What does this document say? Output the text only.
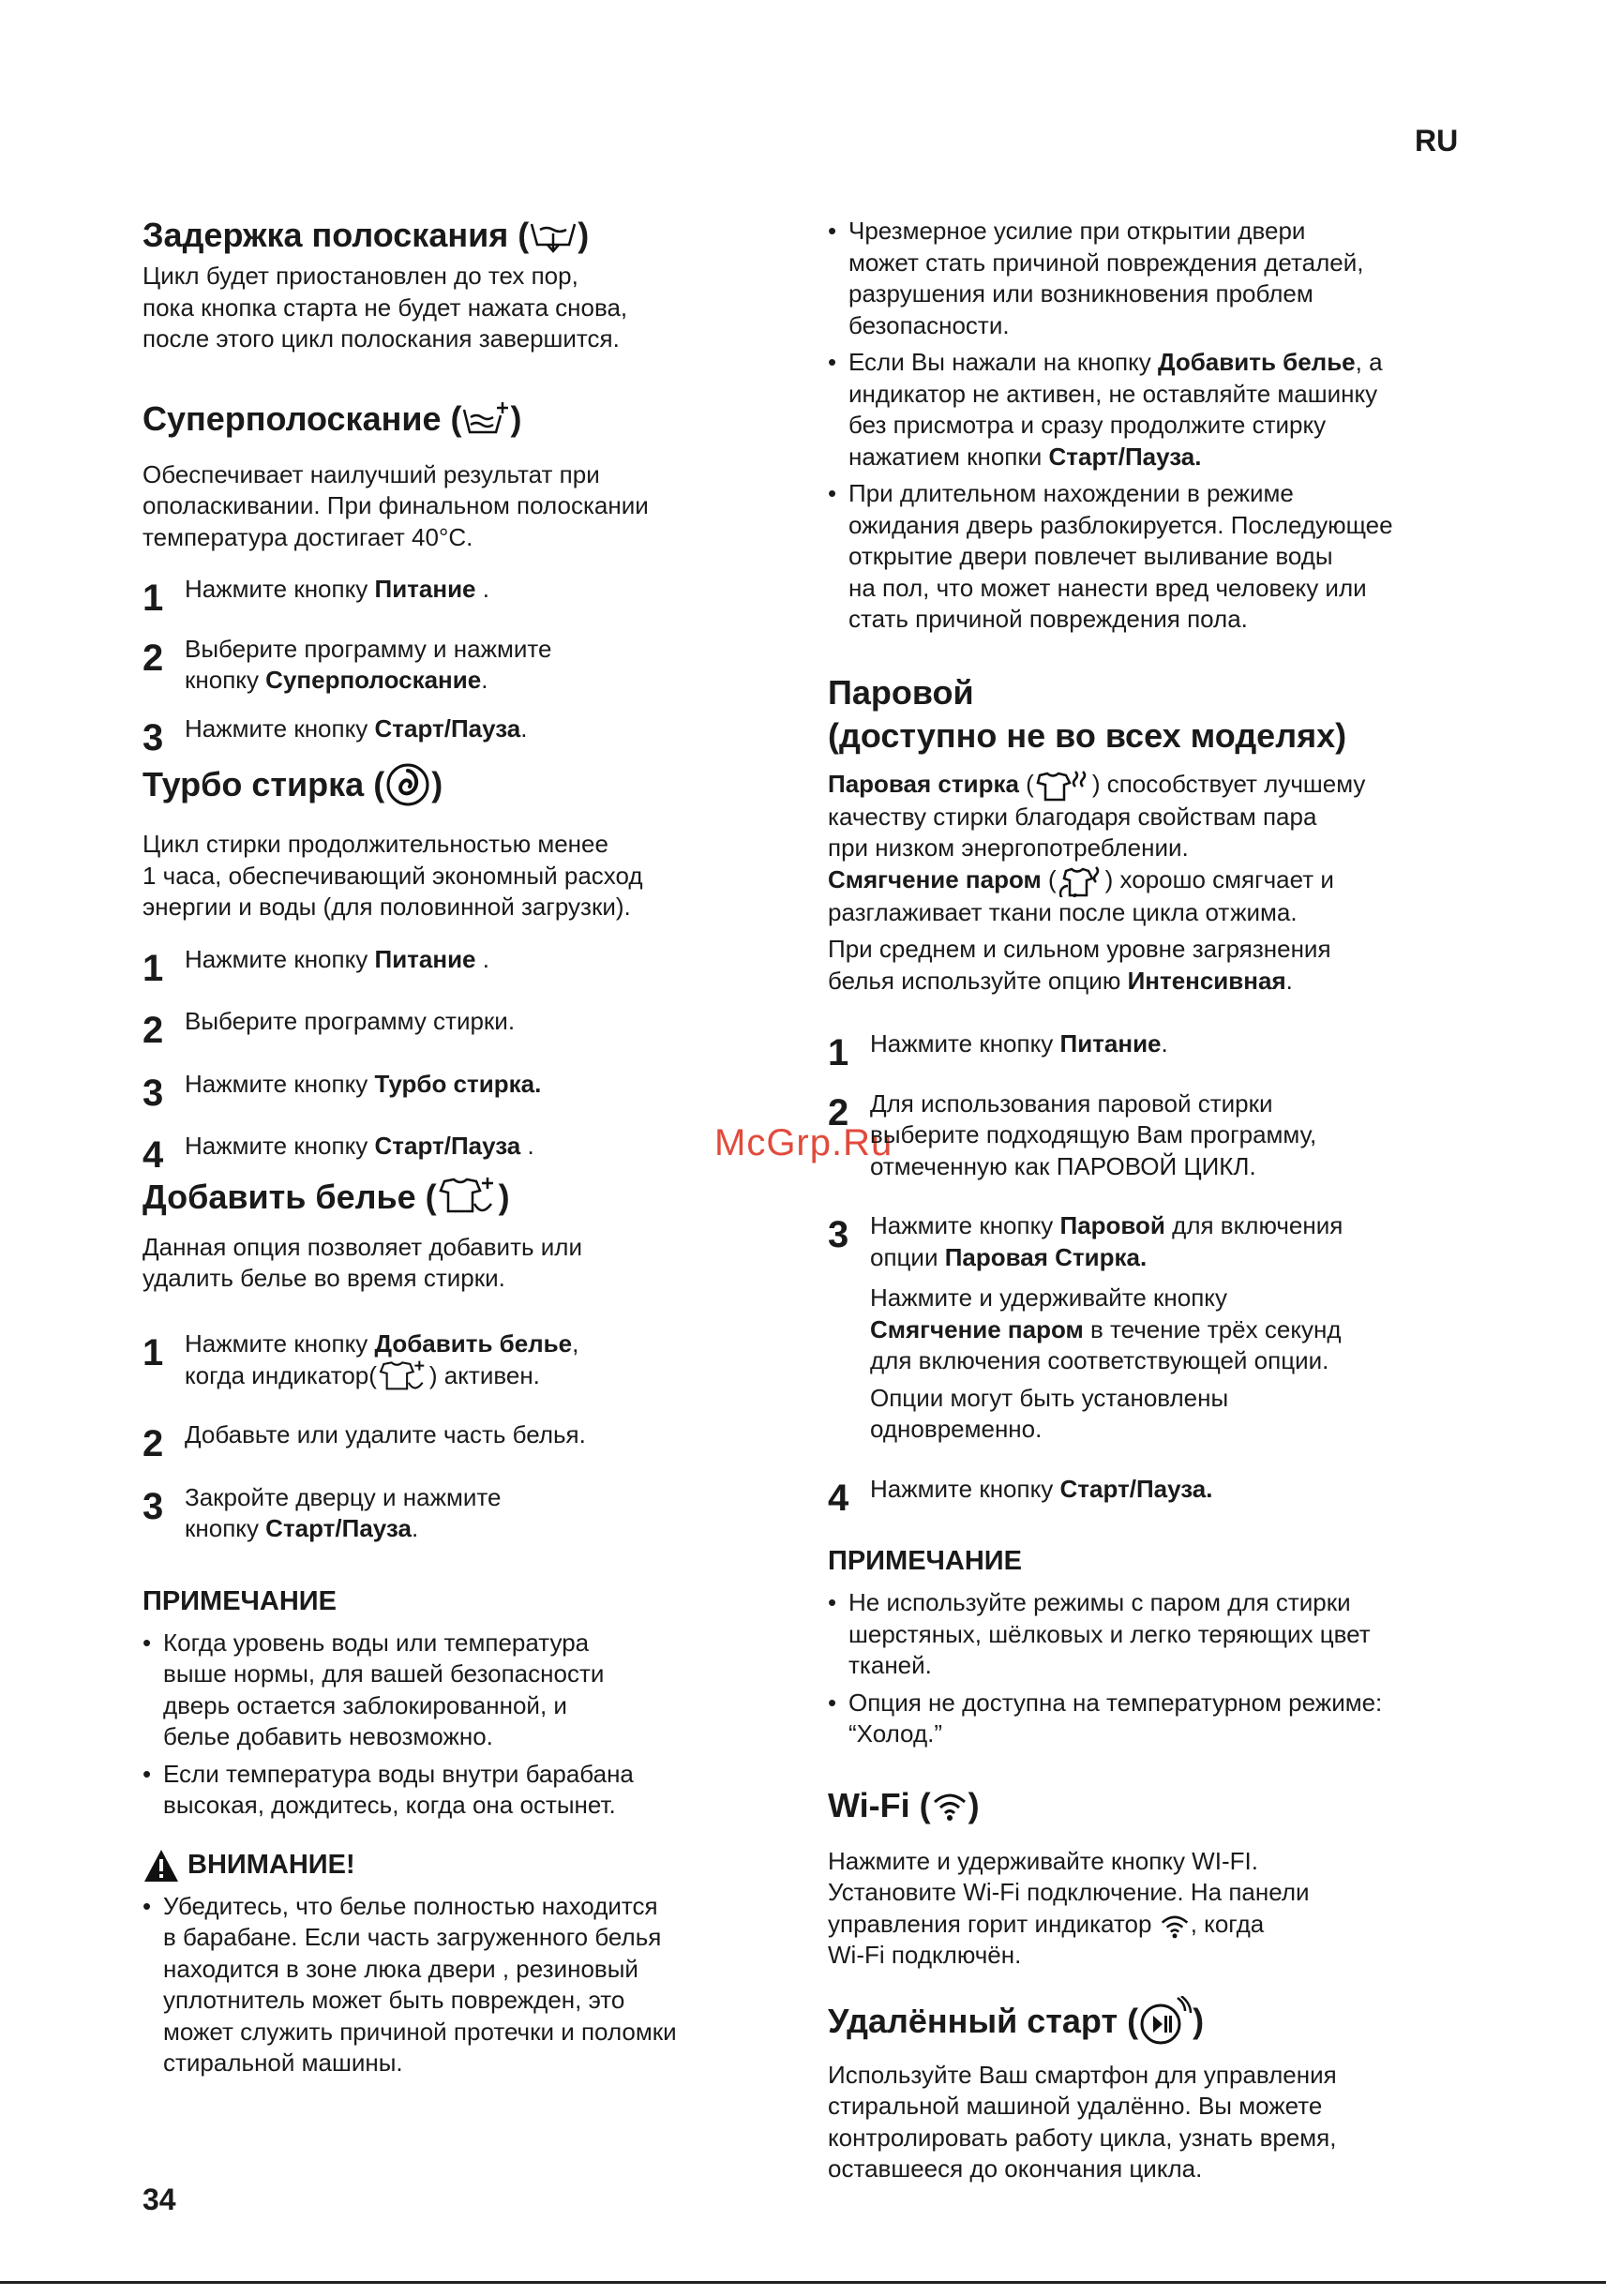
RU
McGrp.Ru
Задержка полоскания ( )

Цикл будет приостановлен до тех пор,
пока кнопка старта не будет нажата снова,
после этого цикл полоскания завершится.

Суперполоскание ( )

Обеспечивает наилучший результат при
ополаскивании. При финальном полоскании
температура достигает 40°C.

1 Нажмите кнопку Питание .

2 Выберите программу и нажмите
кнопку Суперполоскание.

3 Нажмите кнопку Старт/Пауза.

Турбо стирка ( )

Цикл стирки продолжительностью менее
1 часа, обеспечивающий экономный расход
энергии и воды (для половинной загрузки).

1 Нажмите кнопку Питание .

2 Выберите программу стирки.

3 Нажмите кнопку Турбо стирка.

4 Нажмите кнопку Старт/Пауза .

Добавить белье ( )

Данная опция позволяет добавить или
удалить белье во время стирки.

1 Нажмите кнопку Добавить белье,
когда индикатор( ) активен.

2 Добавьте или удалите часть белья.

3 Закройте дверцу и нажмите
кнопку Старт/Пауза.

ПРИМЕЧАНИЕ
• Когда уровень воды или температура
выше нормы, для вашей безопасности
дверь остается заблокированной, и
белье добавить невозможно.
• Если температура воды внутри барабана
высокая, дождитесь, когда она остынет.
ВНИМАНИЕ!
• Убедитесь, что белье полностью находится
в барабане. Если часть загруженного белья
находится в зоне люка двери , резиновый
уплотнитель может быть поврежден, это
может служить причиной протечки и поломки
стиральной машины.
• Чрезмерное усилие при открытии двери
может стать причиной повреждения деталей,
разрушения или возникновения проблем
безопасности.
• Если Вы нажали на кнопку Добавить белье, а
индикатор не активен, не оставляйте машинку
без присмотра и сразу продолжите стирку
нажатием кнопки Старт/Пауза.
• При длительном нахождении в режиме
ожидания дверь разблокируется. Последующее
открытие двери повлечет выливание воды
на пол, что может нанести вред человеку или
стать причиной повреждения пола.
Паровой
(доступно не во всех моделях)

Паровая стирка ( ) способствует лучшему
качеству стирки благодаря свойствам пара
при низком энергопотреблении.
Смягчение паром ( ) хорошо смягчает и
разглаживает ткани после цикла отжима.

При среднем и сильном уровне загрязнения
белья используйте опцию Интенсивная.

1 Нажмите кнопку Питание.

2 Для использования паровой стирки
выберите подходящую Вам программу,
отмеченную как ПАРОВОЙ ЦИКЛ.

3 Нажмите кнопку Паровой для включения
опции Паровая Стирка.

Нажмите и удерживайте кнопку
Смягчение паром в течение трёх секунд
для включения соответствующей опции.

Опции могут быть установлены
одновременно.

4 Нажмите кнопку Старт/Пауза.

ПРИМЕЧАНИЕ
• Не используйте режимы с паром для стирки
шерстяных, шёлковых и легко теряющих цвет
тканей.
• Опция не доступна на температурном режиме:
“Холод.”
Wi-Fi ( )

Нажмите и удерживайте кнопку WI-FI.
Установите Wi-Fi подключение. На панели
управления горит индикатор , когда
Wi-Fi подключён.

Удалённый старт ( )

Используйте Ваш смартфон для управления
стиральной машиной удалённо. Вы можете
контролировать работу цикла, узнать время,
оставшееся до окончания цикла.

34
